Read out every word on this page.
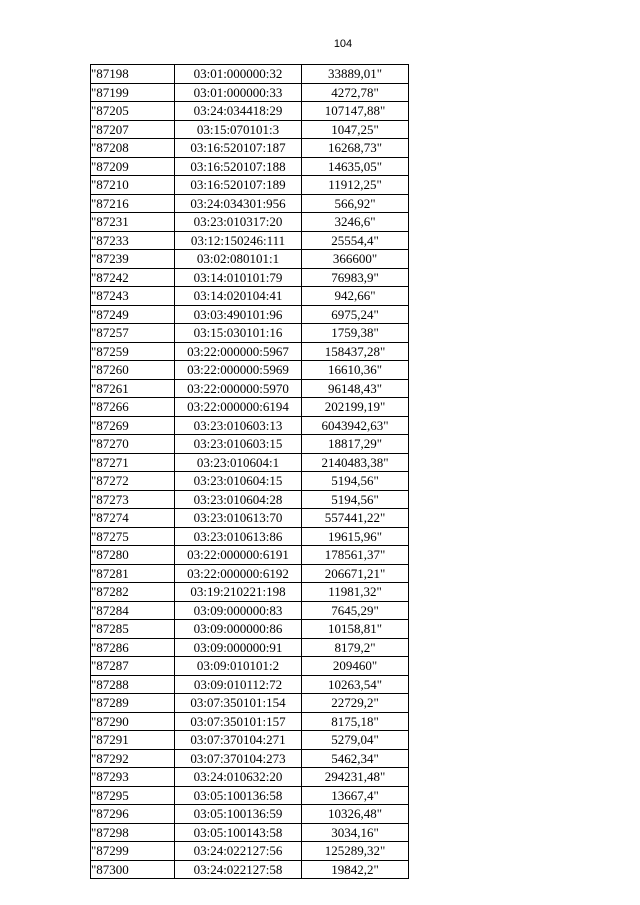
104
"87198	03:01:000000:32	33889,01"
"87199	03:01:000000:33	4272,78"
"87205	03:24:034418:29	107147,88"
"87207	03:15:070101:3	1047,25"
"87208	03:16:520107:187	16268,73"
"87209	03:16:520107:188	14635,05"
"87210	03:16:520107:189	11912,25"
"87216	03:24:034301:956	566,92"
"87231	03:23:010317:20	3246,6"
"87233	03:12:150246:111	25554,4"
"87239	03:02:080101:1	366600"
"87242	03:14:010101:79	76983,9"
"87243	03:14:020104:41	942,66"
"87249	03:03:490101:96	6975,24"
"87257	03:15:030101:16	1759,38"
"87259	03:22:000000:5967	158437,28"
"87260	03:22:000000:5969	16610,36"
"87261	03:22:000000:5970	96148,43"
"87266	03:22:000000:6194	202199,19"
"87269	03:23:010603:13	6043942,63"
"87270	03:23:010603:15	18817,29"
"87271	03:23:010604:1	2140483,38"
"87272	03:23:010604:15	5194,56"
"87273	03:23:010604:28	5194,56"
"87274	03:23:010613:70	557441,22"
"87275	03:23:010613:86	19615,96"
"87280	03:22:000000:6191	178561,37"
"87281	03:22:000000:6192	206671,21"
"87282	03:19:210221:198	11981,32"
"87284	03:09:000000:83	7645,29"
"87285	03:09:000000:86	10158,81"
"87286	03:09:000000:91	8179,2"
"87287	03:09:010101:2	209460"
"87288	03:09:010112:72	10263,54"
"87289	03:07:350101:154	22729,2"
"87290	03:07:350101:157	8175,18"
"87291	03:07:370104:271	5279,04"
"87292	03:07:370104:273	5462,34"
"87293	03:24:010632:20	294231,48"
"87295	03:05:100136:58	13667,4"
"87296	03:05:100136:59	10326,48"
"87298	03:05:100143:58	3034,16"
"87299	03:24:022127:56	125289,32"
"87300	03:24:022127:58	19842,2"
